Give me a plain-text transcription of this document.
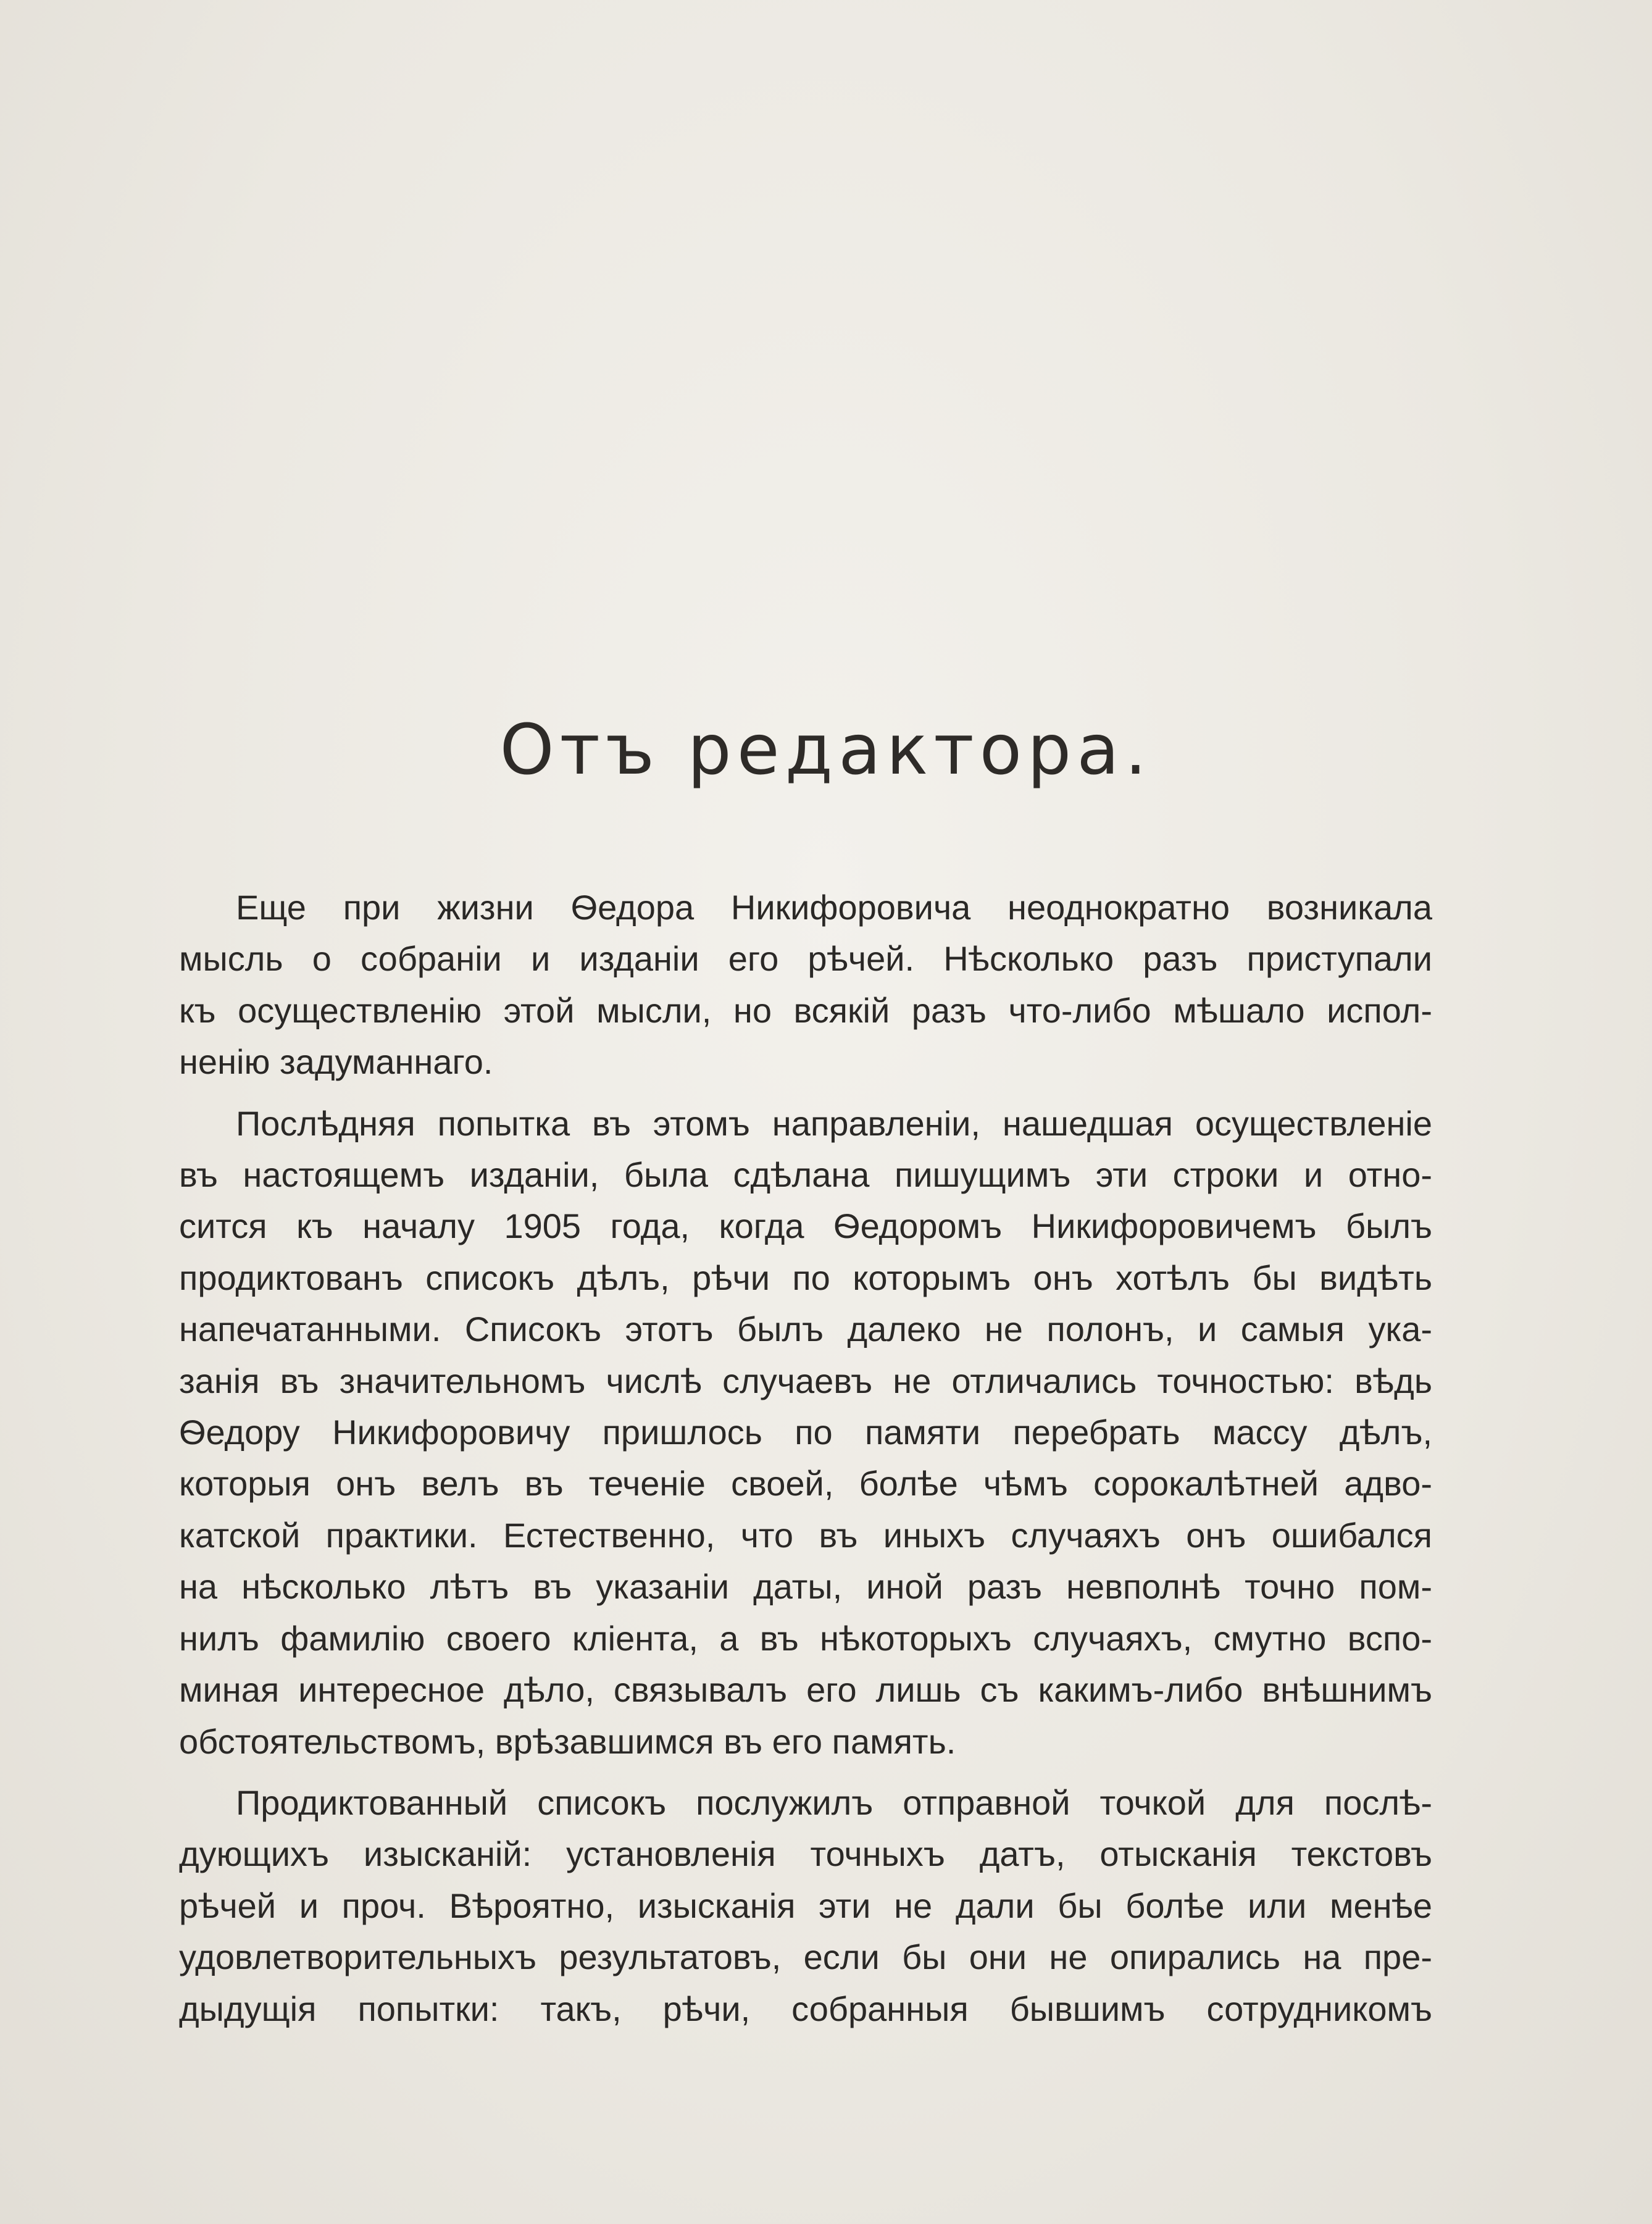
Отъ редактора.

Еще при жизни Ѳедора Никифоровича неоднократно возникала
мысль о собраніи и изданіи его рѣчей. Нѣсколько разъ приступали
къ осуществленію этой мысли, но всякій разъ что-либо мѣшало испол-
ненію задуманнаго.

Послѣдняя попытка въ этомъ направленіи, нашедшая осуществленіе
въ настоящемъ изданіи, была сдѣлана пишущимъ эти строки и отно-
сится къ началу 1905 года, когда Ѳедоромъ Никифоровичемъ былъ
продиктованъ списокъ дѣлъ, рѣчи по которымъ онъ хотѣлъ бы видѣть
напечатанными. Списокъ этотъ былъ далеко не полонъ, и самыя ука-
занія въ значительномъ числѣ случаевъ не отличались точностью: вѣдь
Ѳедору Никифоровичу пришлось по памяти перебрать массу дѣлъ,
которыя онъ велъ въ теченіе своей, болѣе чѣмъ сорокалѣтней адво-
катской практики. Естественно, что въ иныхъ случаяхъ онъ ошибался
на нѣсколько лѣтъ въ указаніи даты, иной разъ невполнѣ точно пом-
нилъ фамилію своего кліента, а въ нѣкоторыхъ случаяхъ, смутно вспо-
миная интересное дѣло, связывалъ его лишь съ какимъ-либо внѣшнимъ
обстоятельствомъ, врѣзавшимся въ его память.

Продиктованный списокъ послужилъ отправной точкой для послѣ-
дующихъ изысканій: установленія точныхъ датъ, отысканія текстовъ
рѣчей и проч. Вѣроятно, изысканія эти не дали бы болѣе или менѣе
удовлетворительныхъ результатовъ, если бы они не опирались на пре-
дыдущія попытки: такъ, рѣчи, собранныя бывшимъ сотрудникомъ
